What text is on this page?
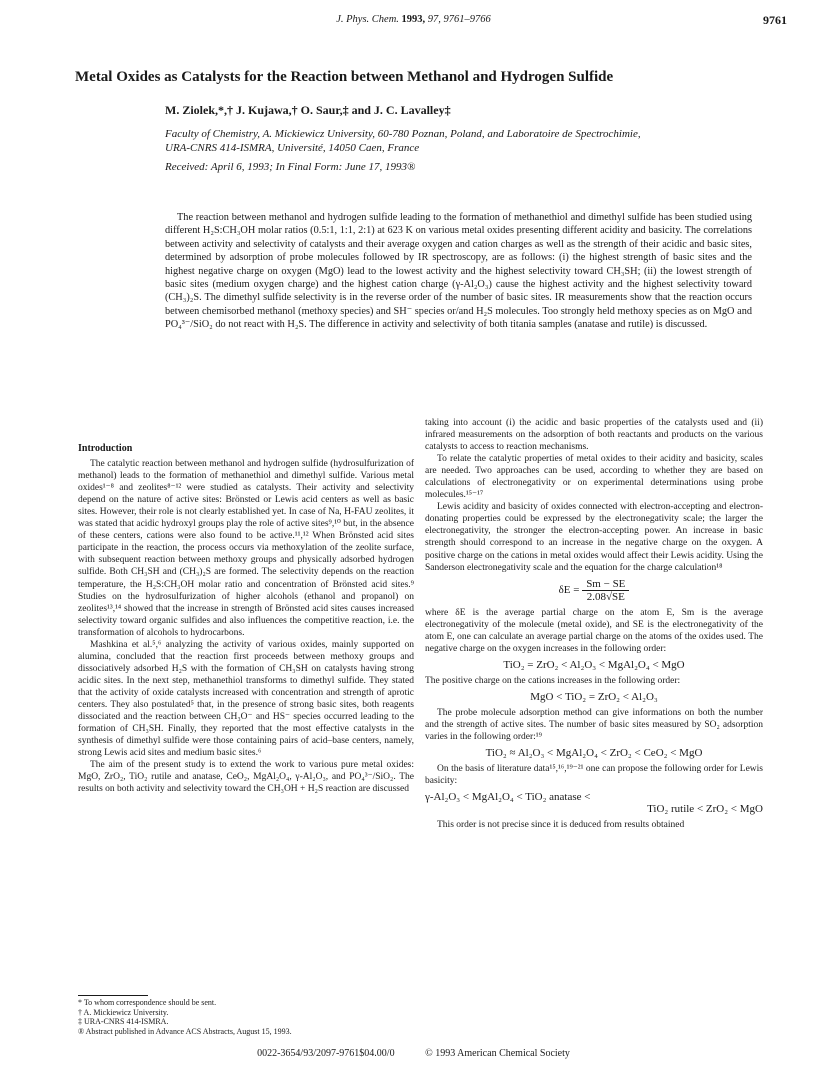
J. Phys. Chem. 1993, 97, 9761–9766	9761
Metal Oxides as Catalysts for the Reaction between Methanol and Hydrogen Sulfide
M. Ziolek,*,† J. Kujawa,† O. Saur,‡ and J. C. Lavalley‡
Faculty of Chemistry, A. Mickiewicz University, 60-780 Poznan, Poland, and Laboratoire de Spectrochimie,
URA-CNRS 414-ISMRA, Université, 14050 Caen, France
Received: April 6, 1993; In Final Form: June 17, 1993®

The reaction between methanol and hydrogen sulfide leading to the formation of methanethiol and dimethyl sulfide has been studied using different H₂S:CH₃OH molar ratios (0.5:1, 1:1, 2:1) at 623 K on various metal oxides presenting different acidity and basicity. The correlations between activity and selectivity of catalysts and their average oxygen and cation charges as well as the strength of their acidic and basic sites, determined by adsorption of probe molecules followed by IR spectroscopy, are as follows: (i) the highest strength of basic sites and the highest negative charge on oxygen (MgO) lead to the lowest activity and the highest selectivity toward CH₃SH; (ii) the lowest strength of basic sites (medium oxygen charge) and the highest cation charge (γ-Al₂O₃) cause the highest activity and the highest selectivity toward (CH₃)₂S. The dimethyl sulfide selectivity is in the reverse order of the number of basic sites. IR measurements show that the reaction occurs between chemisorbed methanol (methoxy species) and SH⁻ species or/and H₂S molecules. Too strongly held methoxy species as on MgO and PO₄³⁻/SiO₂ do not react with H₂S. The difference in activity and selectivity of both titania samples (anatase and rutile) is discussed.

Introduction

The catalytic reaction between methanol and hydrogen sulfide (hydrosulfurization of methanol) leads to the formation of methanethiol and dimethyl sulfide. Various metal oxides¹⁻⁸ and zeolites⁸⁻¹² were studied as catalysts. Their activity and selectivity depend on the nature of active sites: Brönsted or Lewis acid centers as well as basic sites. However, their role is not clearly established yet. In case of Na, H-FAU zeolites, it was stated that acidic hydroxyl groups play the role of active sites⁹,¹⁰ but, in the absence of these centers, cations were also found to be active.¹¹,¹² When Brönsted acid sites participate in the reaction, the process occurs via methoxylation of the zeolite surface, with subsequent reaction between methoxy groups and physically adsorbed hydrogen sulfide. Both CH₃SH and (CH₃)₂S are formed. The selectivity depends on the reaction temperature, the H₂S:CH₃OH molar ratio and concentration of Brönsted acid sites.⁹ Studies on the hydrosulfurization of higher alcohols (ethanol and propanol) on zeolites¹³,¹⁴ showed that the increase in strength of Brönsted acid sites causes increased selectivity toward organic sulfides and also influences the competitive reaction, i.e. the transformation of alcohols to hydrocarbons.

Mashkina et al.⁵,⁶ analyzing the activity of various oxides, mainly supported on alumina, concluded that the reaction first proceeds between methoxy groups and dissociatively adsorbed H₂S with the formation of CH₃SH on catalysts having strong acidic sites. In the next step, methanethiol transforms to dimethyl sulfide. They stated that the activity of oxide catalysts increased with concentration and strength of aprotic centers. They also postulated⁵ that, in the presence of strong basic sites, both reagents dissociated and the reaction between CH₃O⁻ and HS⁻ species occurred leading to the formation of CH₃SH. Finally, they reported that the most effective catalysts in the synthesis of dimethyl sulfide were those containing pairs of acid–base centers, namely, strong Lewis acid sites and medium basic sites.⁶

The aim of the present study is to extend the work to various pure metal oxides: MgO, ZrO₂, TiO₂ rutile and anatase, CeO₂, MgAl₂O₄, γ-Al₂O₃, and PO₄³⁻/SiO₂. The results on both activity and selectivity toward the CH₃OH + H₂S reaction are discussed

taking into account (i) the acidic and basic properties of the catalysts used and (ii) infrared measurements on the adsorption of both reactants and products on the various catalysts to access to reaction mechanisms.

To relate the catalytic properties of metal oxides to their acidity and basicity, scales are needed. Two approaches can be used, according to whether they are based on calculations of electronegativity or on experimental determinations using probe molecules.¹⁵⁻¹⁷

Lewis acidity and basicity of oxides connected with electron-accepting and electron-donating properties could be expressed by the electronegativity scale; the larger the electronegativity, the stronger the electron-accepting power. An increase in basic strength should correspond to an increase in the negative charge on the oxygen. A positive charge on the cations in metal oxides would affect their Lewis acidity. Using the Sanderson electronegativity scale and the equation for the charge calculation¹⁸

$\delta E = \frac{Sm - SE}{2.08√SE}$

where δE is the average partial charge on the atom E, Sm is the average electronegativity of the molecule (metal oxide), and SE is the electronegativity of the atom E, one can calculate an average partial charge on the atoms of the oxides used. The negative charge on the oxygen increases in the following order:

TiO₂ = ZrO₂ < Al₂O₃ < MgAl₂O₄ < MgO

The positive charge on the cations increases in the following order:

MgO < TiO₂ = ZrO₂ < Al₂O₃

The probe molecule adsorption method can give informations on both the number and the strength of active sites. The number of basic sites measured by SO₂ adsorption varies in the following order:¹⁹

TiO₂ ≈ Al₂O₃ < MgAl₂O₄ < ZrO₂ < CeO₂ < MgO

On the basis of literature data¹⁵,¹⁶,¹⁹⁻²¹ one can propose the following order for Lewis basicity:

γ-Al₂O₃ < MgAl₂O₄ < TiO₂ anatase <
TiO₂ rutile < ZrO₂ < MgO

This order is not precise since it is deduced from results obtained

* To whom correspondence should be sent.
† A. Mickiewicz University.
‡ URA-CNRS 414-ISMRA.
® Abstract published in Advance ACS Abstracts, August 15, 1993.
0022-3654/93/2097-9761$04.00/0	© 1993 American Chemical Society
